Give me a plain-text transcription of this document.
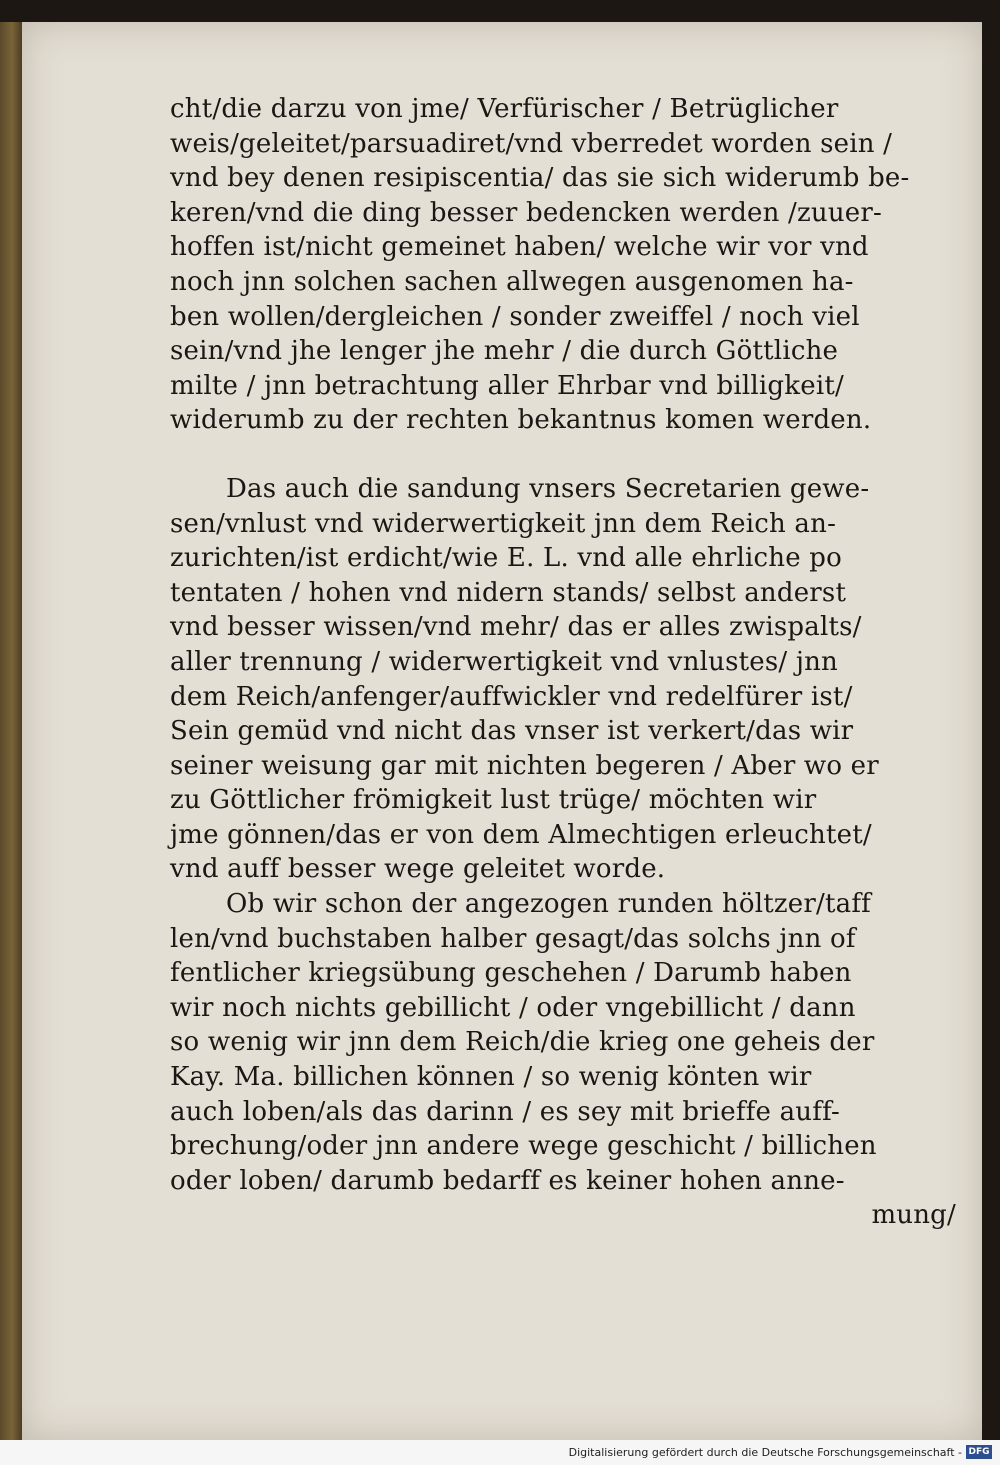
cht/die darzu von jme/ Verfürischer / Betrüglicher
weis/geleitet/parsuadiret/vnd vberredet worden sein /
vnd bey denen resipiscentia/ das sie sich widerumb be-
keren/vnd die ding besser bedencken werden /zuuer-
hoffen ist/nicht gemeinet haben/ welche wir vor vnd
noch jnn solchen sachen allwegen ausgenomen ha-
ben wollen/dergleichen / sonder zweiffel / noch viel
sein/vnd jhe lenger jhe mehr / die durch Göttliche
milte / jnn betrachtung aller Ehrbar vnd billigkeit/
widerumb zu der rechten bekantnus komen werden.
Das auch die sandung vnsers Secretarien gewe-
sen/vnlust vnd widerwertigkeit jnn dem Reich an-
zurichten/ist erdicht/wie E. L. vnd alle ehrliche po
tentaten / hohen vnd nidern stands/ selbst anderst
vnd besser wissen/vnd mehr/ das er alles zwispalts/
aller trennung / widerwertigkeit vnd vnlustes/ jnn
dem Reich/anfenger/auffwickler vnd redelfürer ist/
Sein gemüd vnd nicht das vnser ist verkert/das wir
seiner weisung gar mit nichten begeren / Aber wo er
zu Göttlicher frömigkeit lust trüge/ möchten wir
jme gönnen/das er von dem Almechtigen erleuchtet/
vnd auff besser wege geleitet worde.
Ob wir schon der angezogen runden höltzer/taff
len/vnd buchstaben halber gesagt/das solchs jnn of
fentlicher kriegsübung geschehen / Darumb haben
wir noch nichts gebillicht / oder vngebillicht / dann
so wenig wir jnn dem Reich/die krieg one geheis der
Kay. Ma. billichen können / so wenig könten wir
auch loben/als das darinn / es sey mit brieffe auff-
brechung/oder jnn andere wege geschicht / billichen
oder loben/ darumb bedarff es keiner hohen anne-
mung/
Digitalisierung gefördert durch die Deutsche Forschungsgemeinschaft - DFG
